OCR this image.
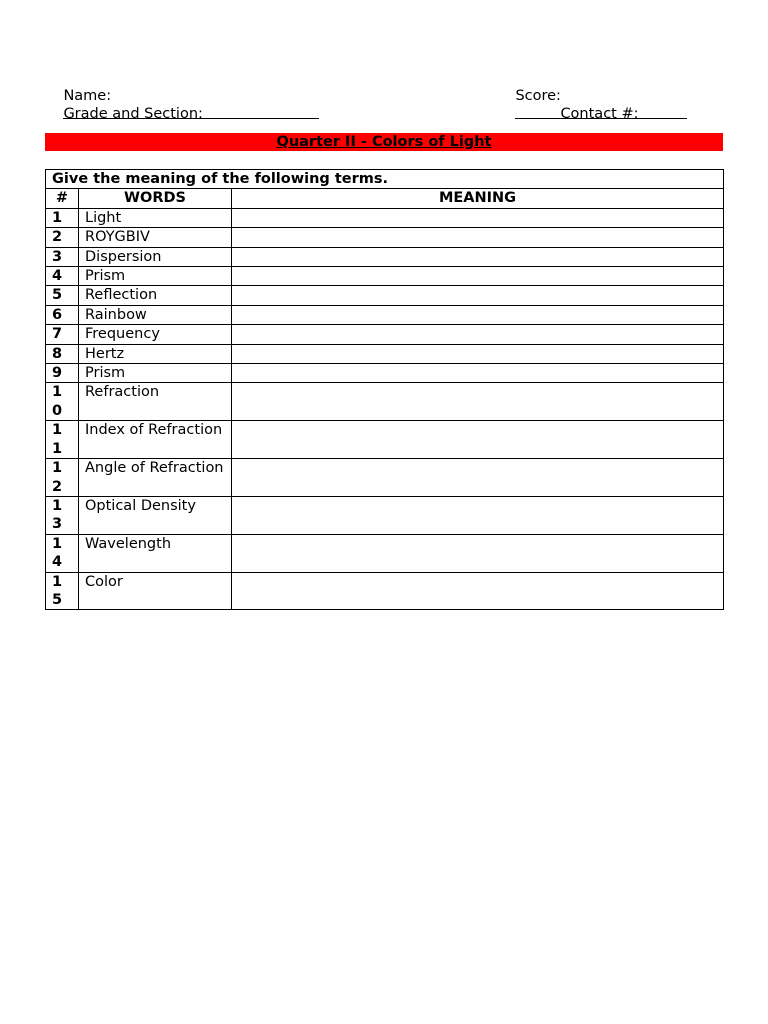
Name:

	Score:

Grade and Section:

	Contact #:

Quarter II - Colors of Light
Give the meaning of the following terms.		
#	WORDS	MEANING
1	Light	
2	ROYGBIV	
3	Dispersion	
4	Prism	
5	Reflection	
6	Rainbow	
7	Frequency	
8	Hertz	
9	Prism	
10	Refraction	
11	Index of Refraction	
12	Angle of Refraction	
13	Optical Density	
14	Wavelength	
15	Color	
